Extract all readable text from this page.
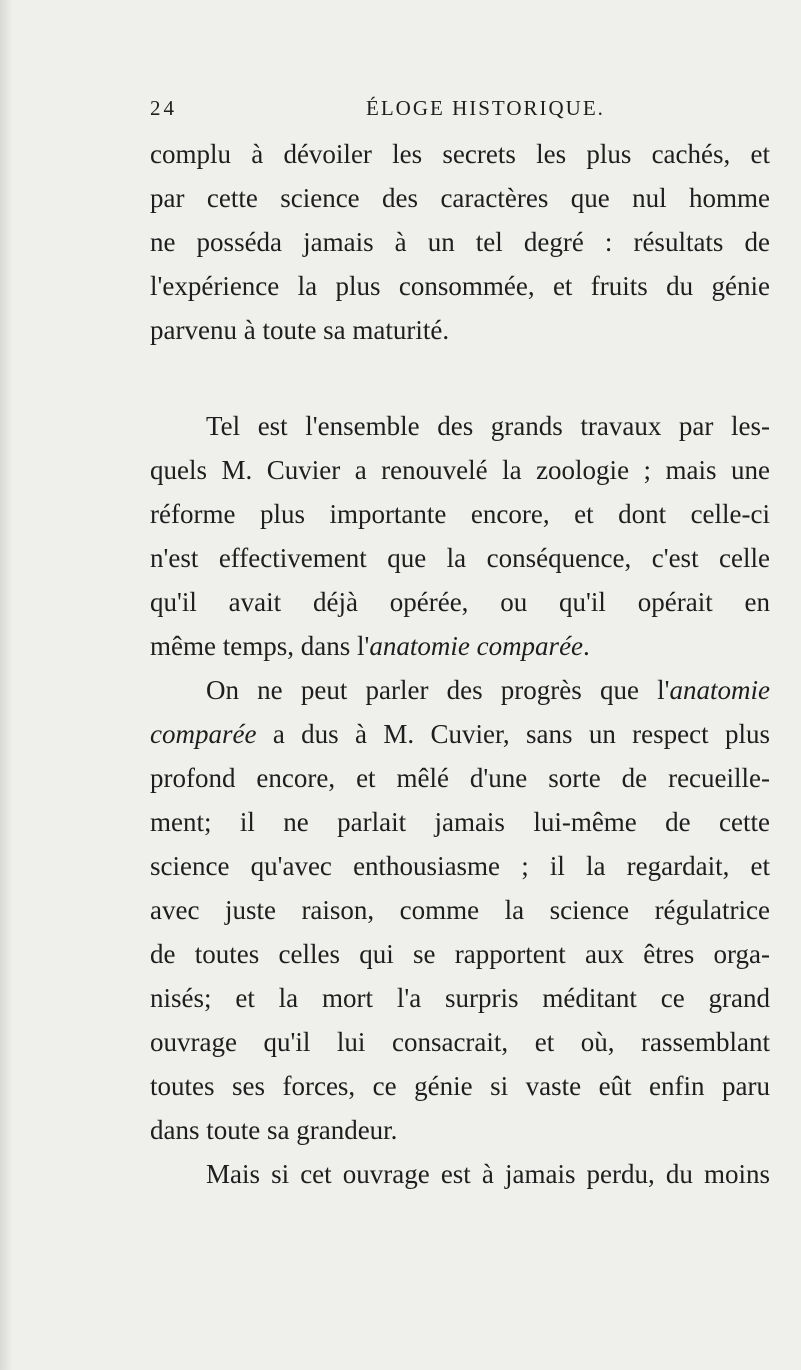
24	ÉLOGE HISTORIQUE.
complu à dévoiler les secrets les plus cachés, et
par cette science des caractères que nul homme
ne posséda jamais à un tel degré : résultats de
l'expérience la plus consommée, et fruits du génie
parvenu à toute sa maturité.
Tel est l'ensemble des grands travaux par les-
quels M. Cuvier a renouvelé la zoologie ; mais une
réforme plus importante encore, et dont celle-ci
n'est effectivement que la conséquence, c'est celle
qu'il avait déjà opérée, ou qu'il opérait en
même temps, dans l'anatomie comparée.
On ne peut parler des progrès que l'anatomie
comparée a dus à M. Cuvier, sans un respect plus
profond encore, et mêlé d'une sorte de recueille-
ment; il ne parlait jamais lui-même de cette
science qu'avec enthousiasme ; il la regardait, et
avec juste raison, comme la science régulatrice
de toutes celles qui se rapportent aux êtres orga-
nisés; et la mort l'a surpris méditant ce grand
ouvrage qu'il lui consacrait, et où, rassemblant
toutes ses forces, ce génie si vaste eût enfin paru
dans toute sa grandeur.
Mais si cet ouvrage est à jamais perdu, du moins
